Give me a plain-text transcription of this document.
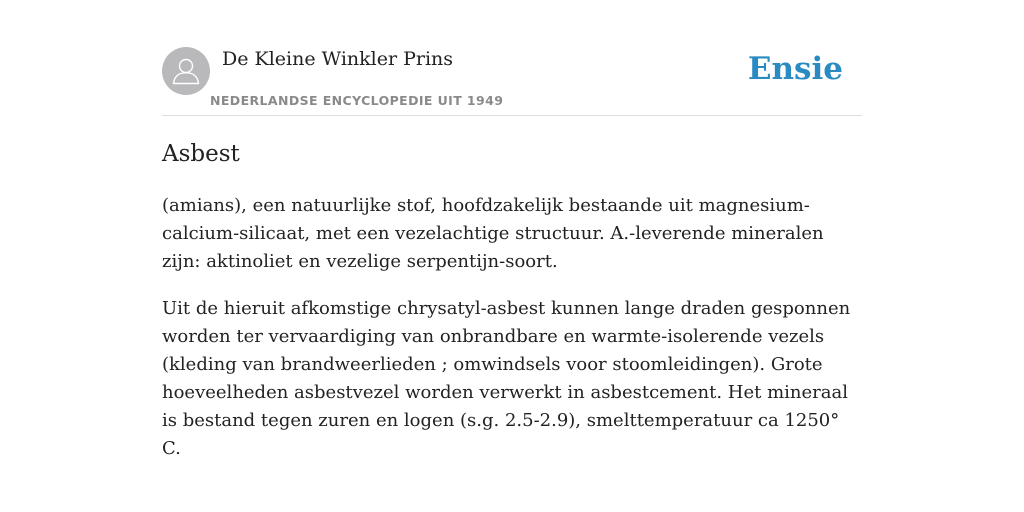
De Kleine Winkler Prins
NEDERLANDSE ENCYCLOPEDIE UIT 1949
Ensie
Asbest

(amians), een natuurlijke stof, hoofdzakelijk bestaande uit magnesium-calcium-silicaat, met een vezelachtige structuur. A.-leverende mineralen zijn: aktinoliet en vezelige serpentijn-soort.

Uit de hieruit afkomstige chrysatyl-asbest kunnen lange draden gesponnen worden ter vervaardiging van onbrandbare en warmte-isolerende vezels (kleding van brandweerlieden ; omwindsels voor stoomleidingen). Grote hoeveelheden asbestvezel worden verwerkt in asbestcement. Het mineraal is bestand tegen zuren en logen (s.g. 2.5-2.9), smelttemperatuur ca 1250° C.
